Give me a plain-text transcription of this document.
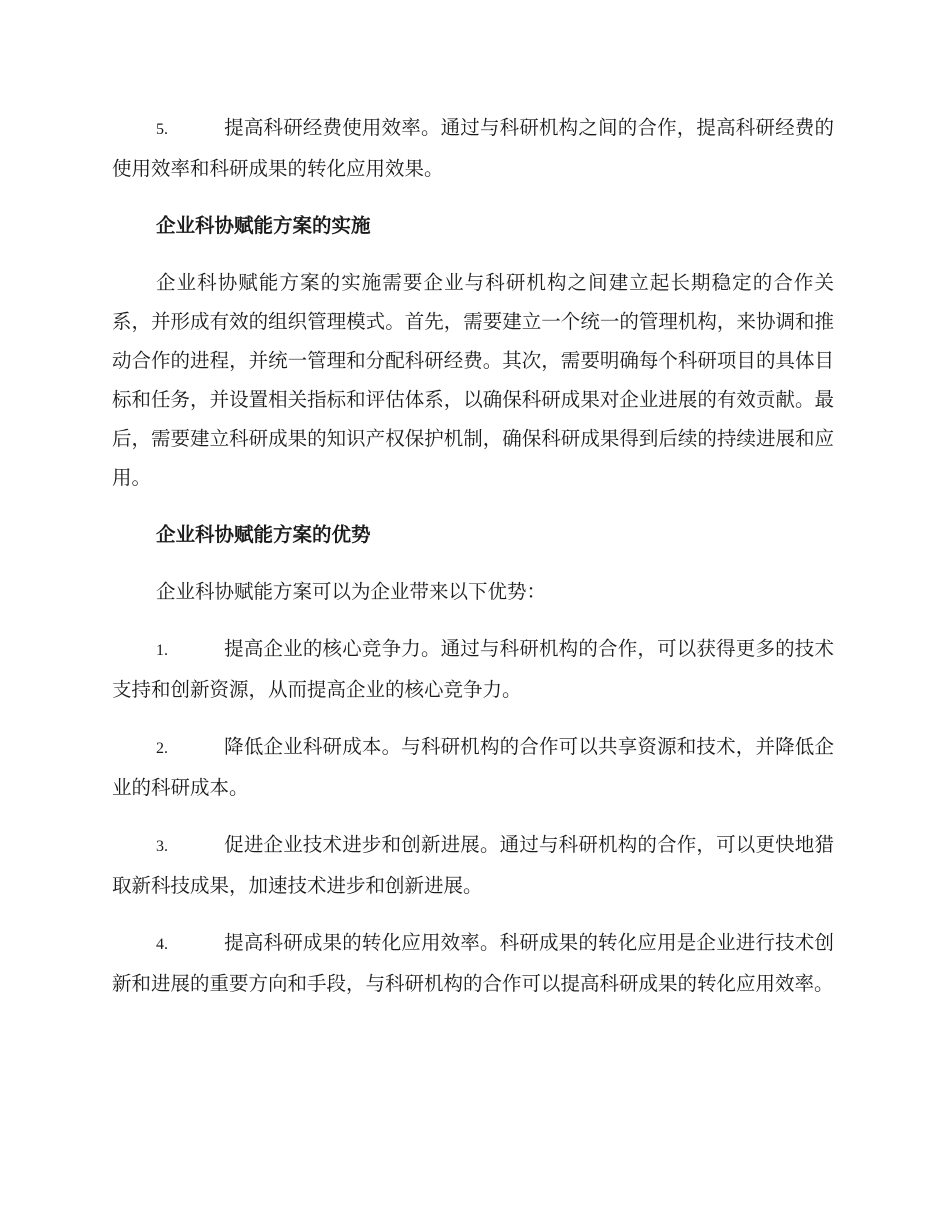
5.	提高科研经费使用效率。通过与科研机构之间的合作，提高科研经费的使用效率和科研成果的转化应用效果。

企业科协赋能方案的实施

企业科协赋能方案的实施需要企业与科研机构之间建立起长期稳定的合作关系，并形成有效的组织管理模式。首先，需要建立一个统一的管理机构，来协调和推动合作的进程，并统一管理和分配科研经费。其次，需要明确每个科研项目的具体目标和任务，并设置相关指标和评估体系，以确保科研成果对企业进展的有效贡献。最后，需要建立科研成果的知识产权保护机制，确保科研成果得到后续的持续进展和应用。

企业科协赋能方案的优势

企业科协赋能方案可以为企业带来以下优势：

1.	提高企业的核心竞争力。通过与科研机构的合作，可以获得更多的技术支持和创新资源，从而提高企业的核心竞争力。

2.	降低企业科研成本。与科研机构的合作可以共享资源和技术，并降低企业的科研成本。

3.	促进企业技术进步和创新进展。通过与科研机构的合作，可以更快地猎取新科技成果，加速技术进步和创新进展。

4.	提高科研成果的转化应用效率。科研成果的转化应用是企业进行技术创新和进展的重要方向和手段，与科研机构的合作可以提高科研成果的转化应用效率。
